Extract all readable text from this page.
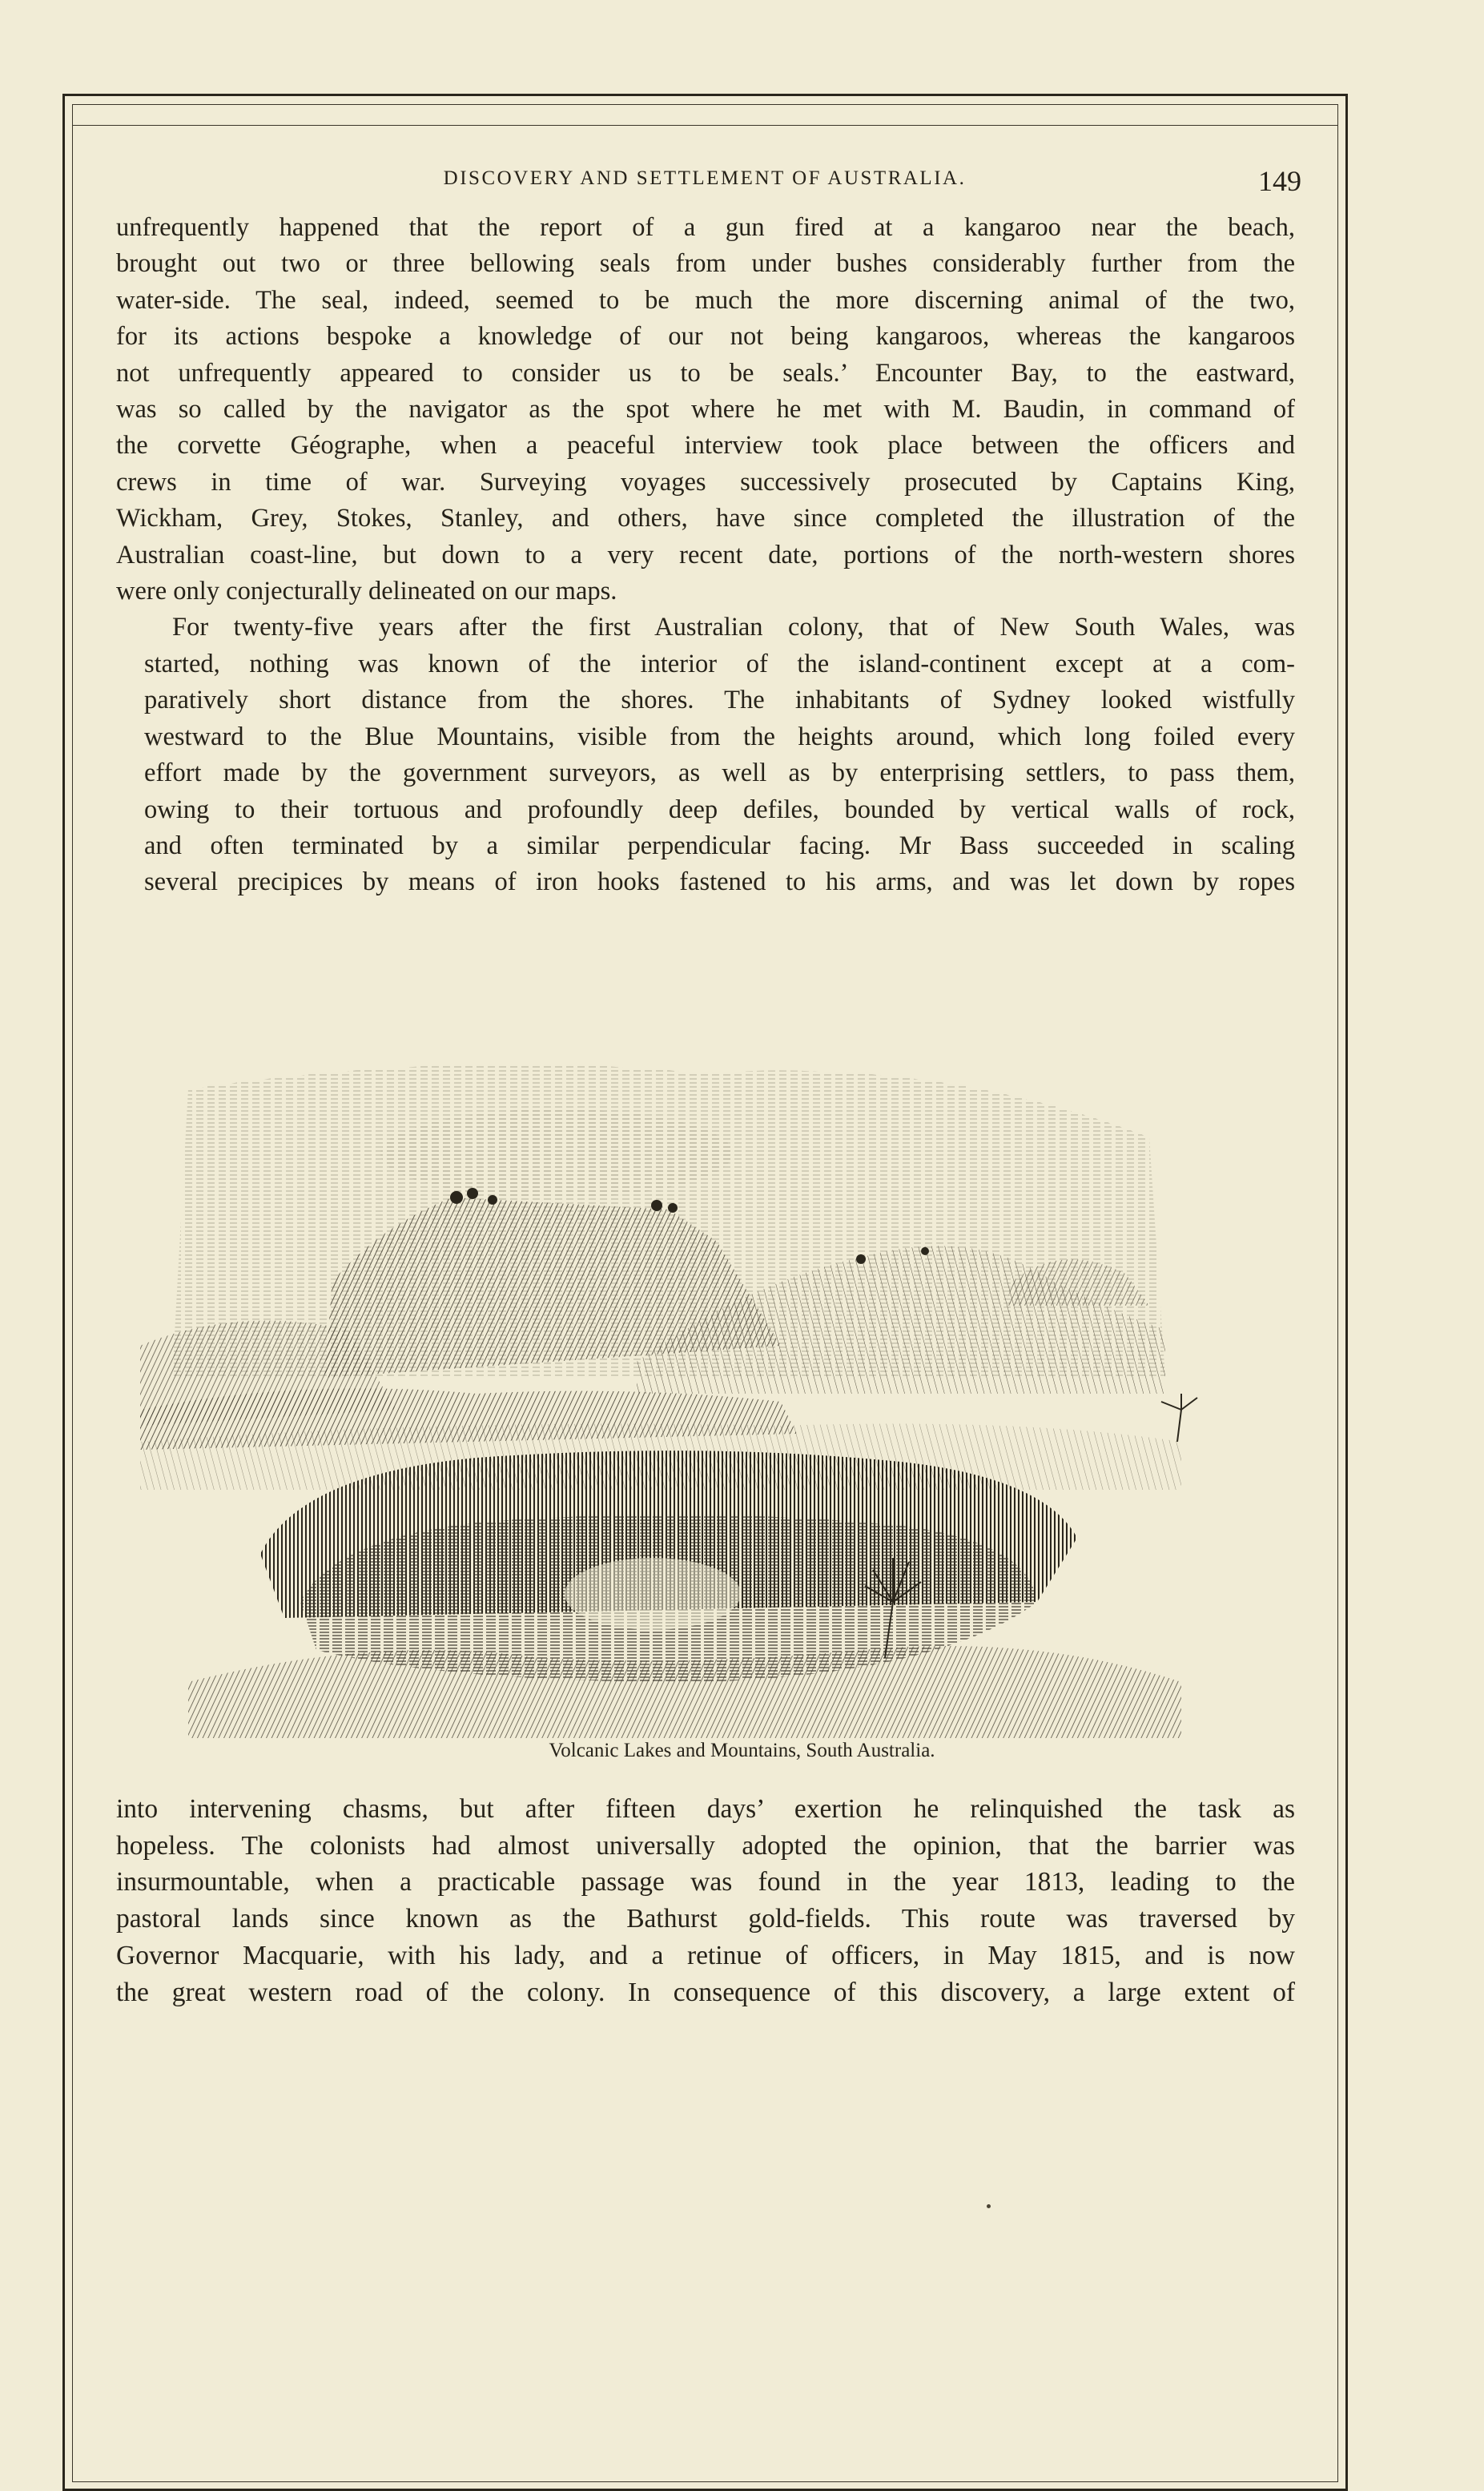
DISCOVERY AND SETTLEMENT OF AUSTRALIA.	149

unfrequently happened that the report of a gun fired at a kangaroo near the beach,
brought out two or three bellowing seals from under bushes considerably further from the
water-side. The seal, indeed, seemed to be much the more discerning animal of the two,
for its actions bespoke a knowledge of our not being kangaroos, whereas the kangaroos
not unfrequently appeared to consider us to be seals.’ Encounter Bay, to the eastward,
was so called by the navigator as the spot where he met with M. Baudin, in command of
the corvette Géographe, when a peaceful interview took place between the officers and
crews in time of war. Surveying voyages successively prosecuted by Captains King,
Wickham, Grey, Stokes, Stanley, and others, have since completed the illustration of the
Australian coast-line, but down to a very recent date, portions of the north-western shores
were only conjecturally delineated on our maps.

For twenty-five years after the first Australian colony, that of New South Wales, was
started, nothing was known of the interior of the island-continent except at a com-
paratively short distance from the shores. The inhabitants of Sydney looked wistfully
westward to the Blue Mountains, visible from the heights around, which long foiled every
effort made by the government surveyors, as well as by enterprising settlers, to pass them,
owing to their tortuous and profoundly deep defiles, bounded by vertical walls of rock,
and often terminated by a similar perpendicular facing. Mr Bass succeeded in scaling
several precipices by means of iron hooks fastened to his arms, and was let down by ropes

Volcanic Lakes and Mountains, South Australia.

into intervening chasms, but after fifteen days’ exertion he relinquished the task as
hopeless. The colonists had almost universally adopted the opinion, that the barrier was
insurmountable, when a practicable passage was found in the year 1813, leading to the
pastoral lands since known as the Bathurst gold-fields. This route was traversed by
Governor Macquarie, with his lady, and a retinue of officers, in May 1815, and is now
the great western road of the colony. In consequence of this discovery, a large extent of
